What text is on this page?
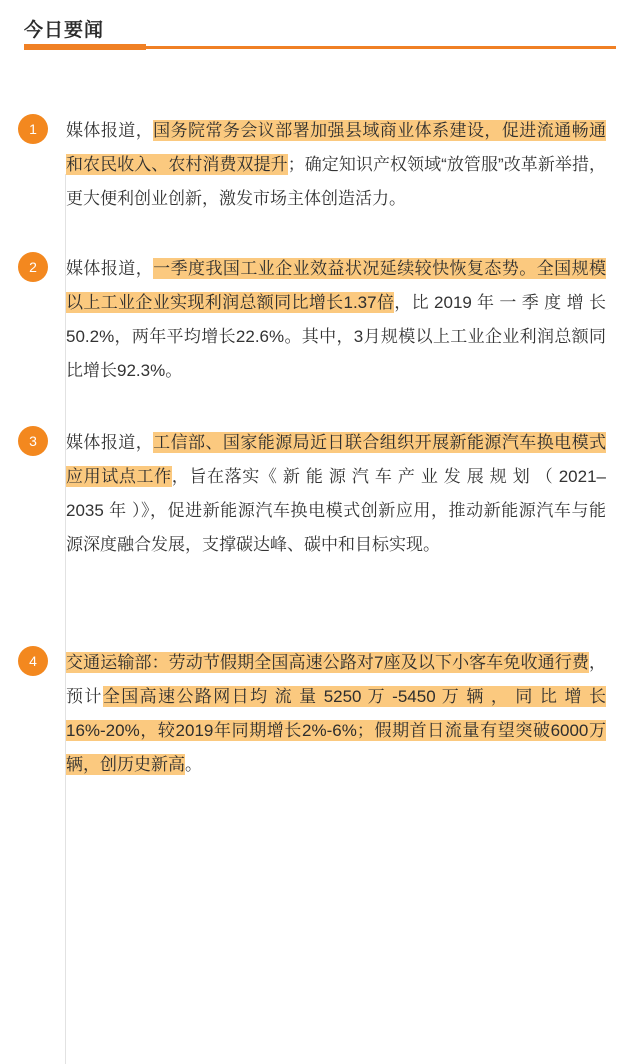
今日要闻
1	媒体报道，国务院常务会议部署加强县域商业体系建设，促进流通畅通和农民收入、农村消费双提升；确定知识产权领域“放管服”改革新举措，更大便利创业创新，激发市场主体创造活力。

2	媒体报道，一季度我国工业企业效益状况延续较快恢复态势。全国规模以上工业企业实现利润总额同比增长1.37倍，比 2019 年 一 季 度 增 长 50.2%，两年平均增长22.6%。其中，3月规模以上工业企业利润总额同比增长92.3%。

3	媒体报道，工信部、国家能源局近日联合组织开展新能源汽车换电模式应用试点工作，旨在落实《 新 能 源 汽 车 产 业 发 展 规 划 （ 2021–2035 年 ）》，促进新能源汽车换电模式创新应用，推动新能源汽车与能源深度融合发展，支撑碳达峰、碳中和目标实现。

4	交通运输部：劳动节假期全国高速公路对7座及以下小客车免收通行费，预计全国高速公路网日均 流 量 5250 万 -5450 万 辆 ， 同 比 增 长 16%-20%，较2019年同期增长2%-6%；假期首日流量有望突破6000万辆，创历史新高。
